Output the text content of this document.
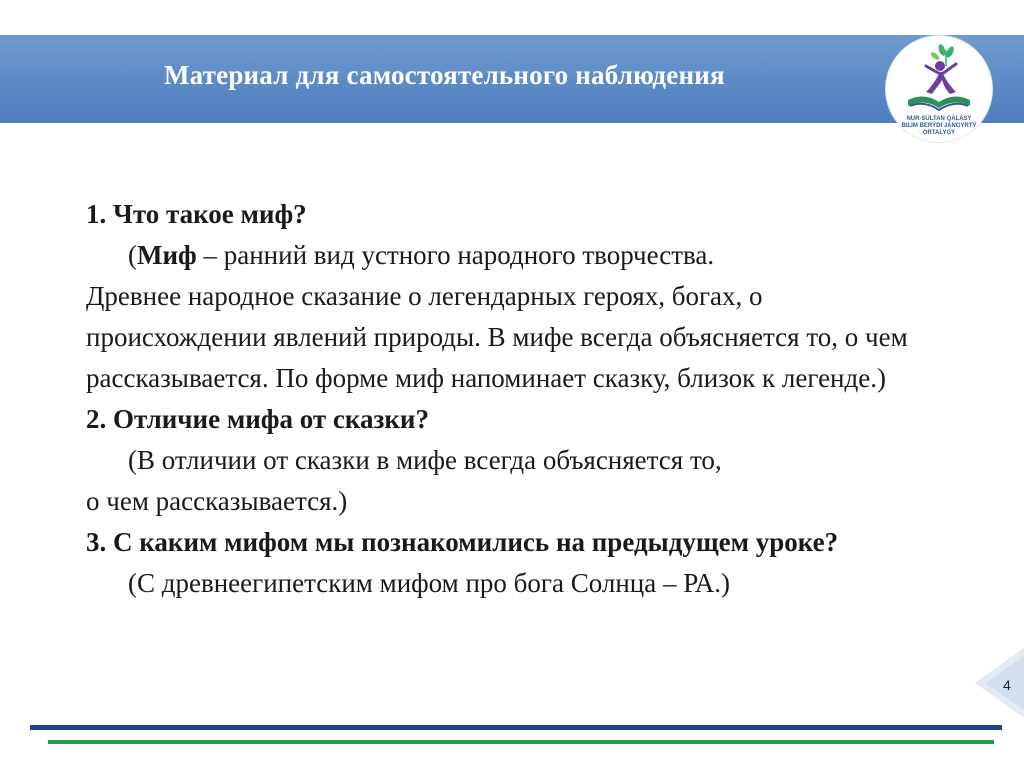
Материал для самостоятельного наблюдения
NUR-SULTAN QALASY
BILIM BERÝDI JANGYRTÝ ORTALYGY

1. Что такое миф?

(Миф – ранний вид устного народного творчества.
Древнее народное сказание о легендарных героях, богах, о происхождении явлений природы. В мифе всегда объясняется то, о чем рассказывается. По форме миф напоминает сказку, близок к легенде.)

2. Отличие мифа от сказки?

(В отличии от сказки в мифе всегда объясняется то,
о чем рассказывается.)

3. С каким мифом мы познакомились на предыдущем уроке?

(С древнеегипетским мифом про бога Солнца – РА.)

4
